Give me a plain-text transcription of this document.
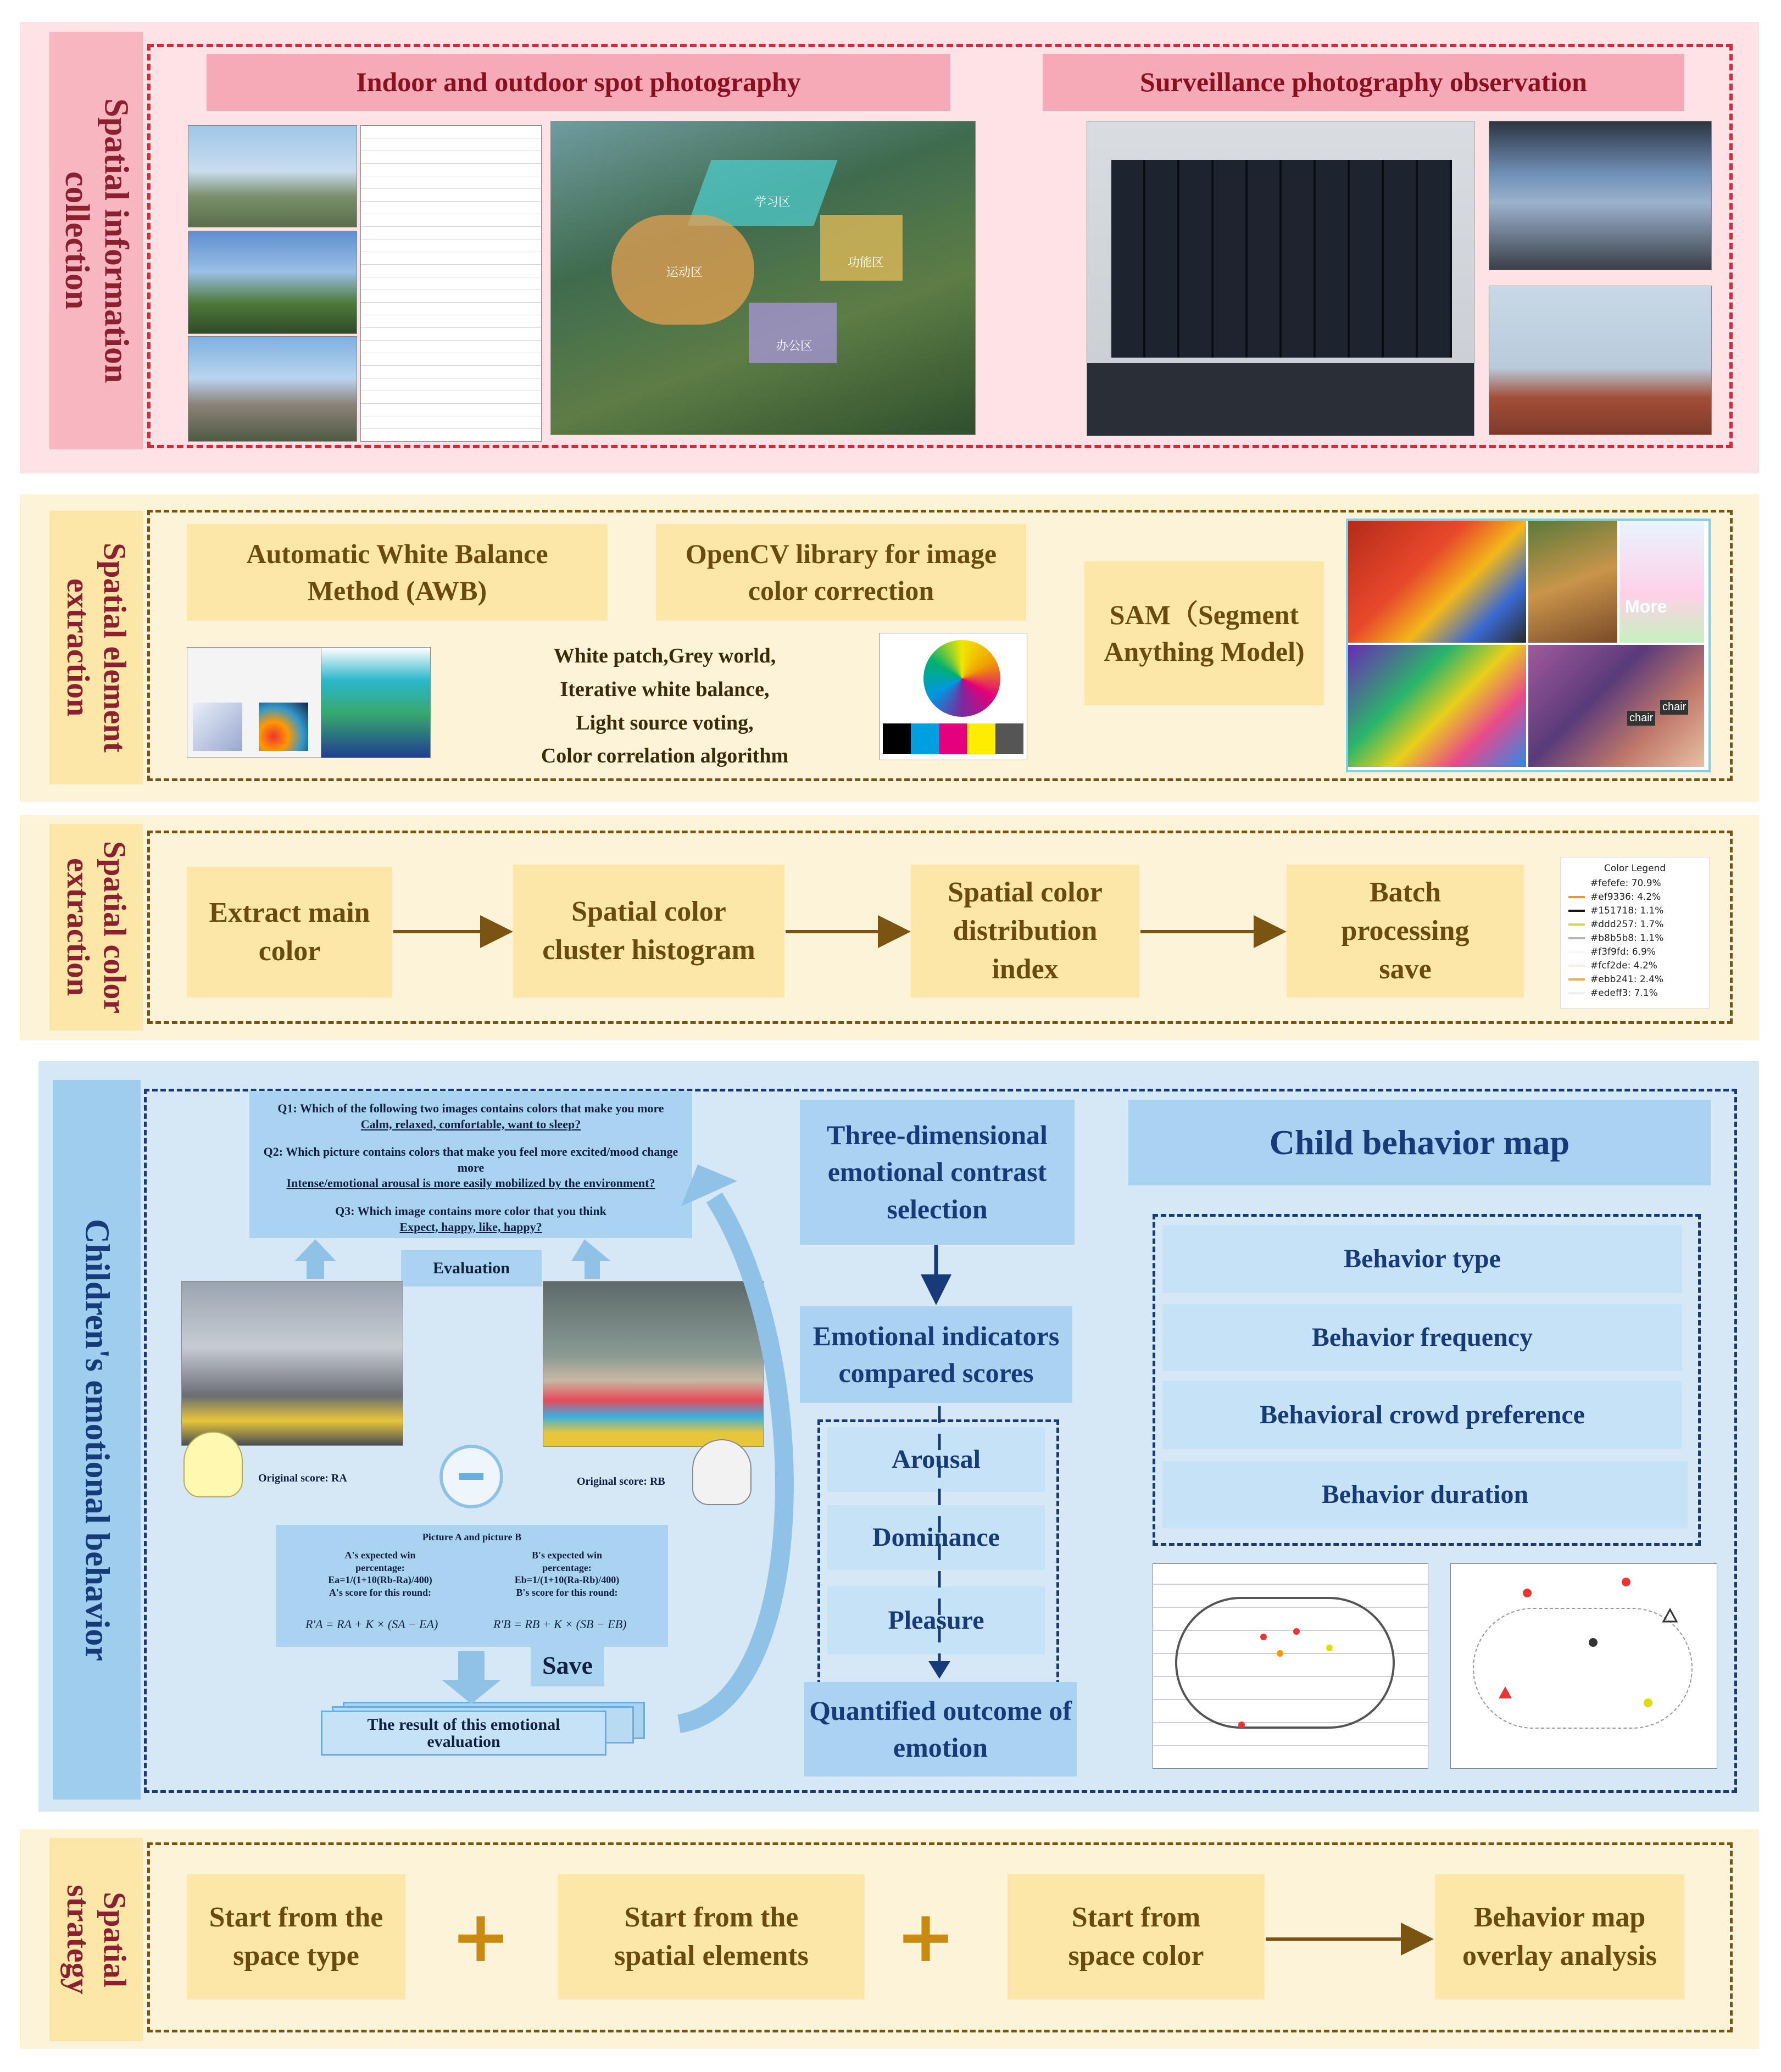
Spatial information
collection
Indoor and outdoor spot photography	Surveillance photography observation
学习区
运动区
功能区
办公区
Spatial element
extraction
Automatic White Balance Method (AWB)
OpenCV library for image color correction
SAM（Segment Anything Model)
White patch,Grey world,
Iterative white balance,
Light source voting,
Color correlation algorithm
More
chair
chair
Spatial color
extraction	Extract main color
Spatial color cluster histogram
Spatial color distribution index
Batch processing save
Color Legend
#fefefe: 70.9%
#ef9336: 4.2%
#151718: 1.1%
#ddd257: 1.7%
#b8b5b8: 1.1%
#f3f9fd: 6.9%
#fcf2de: 4.2%
#ebb241: 2.4%
#edeff3: 7.1%
Children's emotional behavior
Q1: Which of the following two images contains colors that make you more
Calm, relaxed, comfortable, want to sleep?
Q2: Which picture contains colors that make you feel more excited/mood change more
Intense/emotional arousal is more easily mobilized by the environment?
Q3: Which image contains more color that you think
Expect, happy, like, happy?
Evaluation
Original score: RA	Original score: RB
Picture A and picture B
A's expected win
percentage:
Ea=1/(1+10(Rb-Ra)/400)
A's score for this round:
B's expected win
percentage:
Eb=1/(1+10(Ra-Rb)/400)
B's score for this round:
R'A = RA + K × (SA − EA)	R'B = RB + K × (SB − EB)
Save
The result of this emotional evaluation
Three-dimensional emotional contrast selection
Emotional indicators compared scores
Arousal
Dominance
Pleasure
Quantified outcome of emotion
Child behavior map
Behavior type
Behavior frequency
Behavioral crowd preference
Behavior duration
Spatial
strategy	Start from the space type
Start from the spatial elements
Start from space color
Behavior map overlay analysis
+	+
